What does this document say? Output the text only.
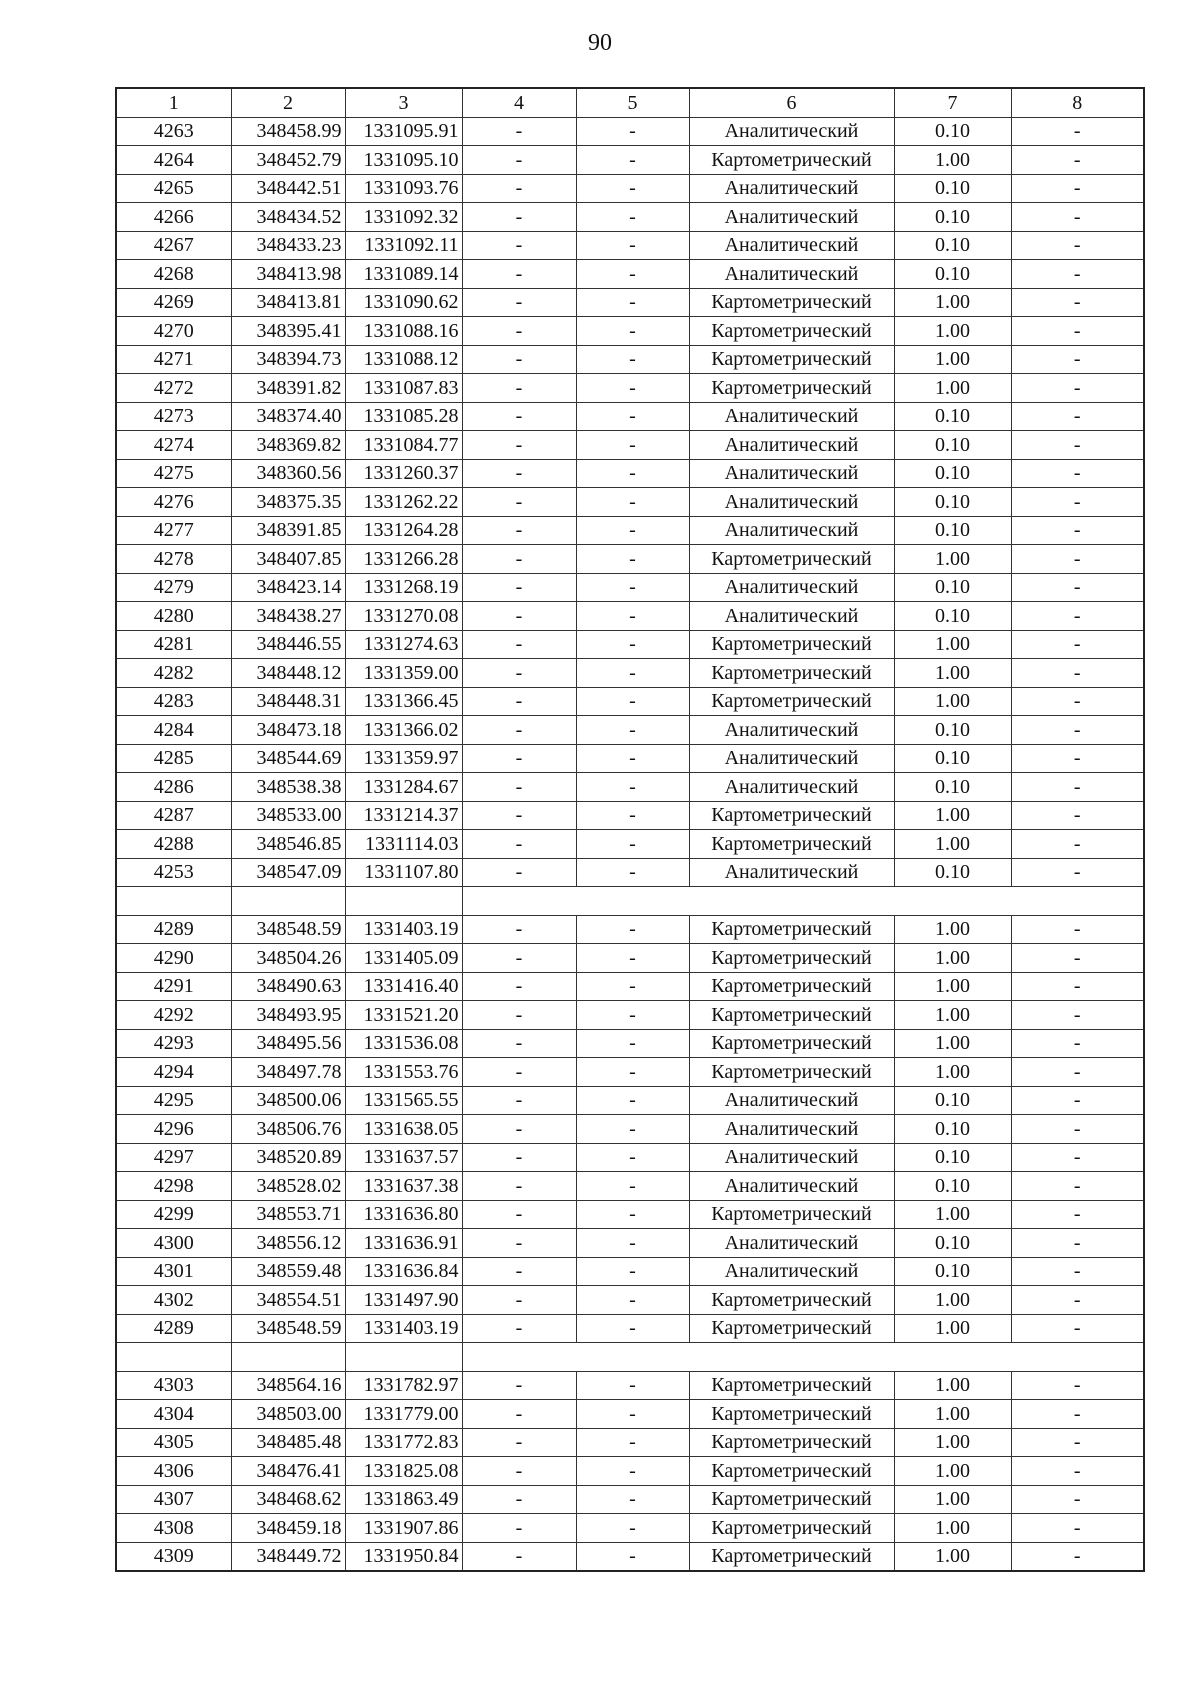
90
1	2	3	4	5	6	7	8
4263	348458.99	1331095.91	-	-	Аналитический	0.10	-
4264	348452.79	1331095.10	-	-	Картометрический	1.00	-
4265	348442.51	1331093.76	-	-	Аналитический	0.10	-
4266	348434.52	1331092.32	-	-	Аналитический	0.10	-
4267	348433.23	1331092.11	-	-	Аналитический	0.10	-
4268	348413.98	1331089.14	-	-	Аналитический	0.10	-
4269	348413.81	1331090.62	-	-	Картометрический	1.00	-
4270	348395.41	1331088.16	-	-	Картометрический	1.00	-
4271	348394.73	1331088.12	-	-	Картометрический	1.00	-
4272	348391.82	1331087.83	-	-	Картометрический	1.00	-
4273	348374.40	1331085.28	-	-	Аналитический	0.10	-
4274	348369.82	1331084.77	-	-	Аналитический	0.10	-
4275	348360.56	1331260.37	-	-	Аналитический	0.10	-
4276	348375.35	1331262.22	-	-	Аналитический	0.10	-
4277	348391.85	1331264.28	-	-	Аналитический	0.10	-
4278	348407.85	1331266.28	-	-	Картометрический	1.00	-
4279	348423.14	1331268.19	-	-	Аналитический	0.10	-
4280	348438.27	1331270.08	-	-	Аналитический	0.10	-
4281	348446.55	1331274.63	-	-	Картометрический	1.00	-
4282	348448.12	1331359.00	-	-	Картометрический	1.00	-
4283	348448.31	1331366.45	-	-	Картометрический	1.00	-
4284	348473.18	1331366.02	-	-	Аналитический	0.10	-
4285	348544.69	1331359.97	-	-	Аналитический	0.10	-
4286	348538.38	1331284.67	-	-	Аналитический	0.10	-
4287	348533.00	1331214.37	-	-	Картометрический	1.00	-
4288	348546.85	1331114.03	-	-	Картометрический	1.00	-
4253	348547.09	1331107.80	-	-	Аналитический	0.10	-

4289	348548.59	1331403.19	-	-	Картометрический	1.00	-
4290	348504.26	1331405.09	-	-	Картометрический	1.00	-
4291	348490.63	1331416.40	-	-	Картометрический	1.00	-
4292	348493.95	1331521.20	-	-	Картометрический	1.00	-
4293	348495.56	1331536.08	-	-	Картометрический	1.00	-
4294	348497.78	1331553.76	-	-	Картометрический	1.00	-
4295	348500.06	1331565.55	-	-	Аналитический	0.10	-
4296	348506.76	1331638.05	-	-	Аналитический	0.10	-
4297	348520.89	1331637.57	-	-	Аналитический	0.10	-
4298	348528.02	1331637.38	-	-	Аналитический	0.10	-
4299	348553.71	1331636.80	-	-	Картометрический	1.00	-
4300	348556.12	1331636.91	-	-	Аналитический	0.10	-
4301	348559.48	1331636.84	-	-	Аналитический	0.10	-
4302	348554.51	1331497.90	-	-	Картометрический	1.00	-
4289	348548.59	1331403.19	-	-	Картометрический	1.00	-

4303	348564.16	1331782.97	-	-	Картометрический	1.00	-
4304	348503.00	1331779.00	-	-	Картометрический	1.00	-
4305	348485.48	1331772.83	-	-	Картометрический	1.00	-
4306	348476.41	1331825.08	-	-	Картометрический	1.00	-
4307	348468.62	1331863.49	-	-	Картометрический	1.00	-
4308	348459.18	1331907.86	-	-	Картометрический	1.00	-
4309	348449.72	1331950.84	-	-	Картометрический	1.00	-
